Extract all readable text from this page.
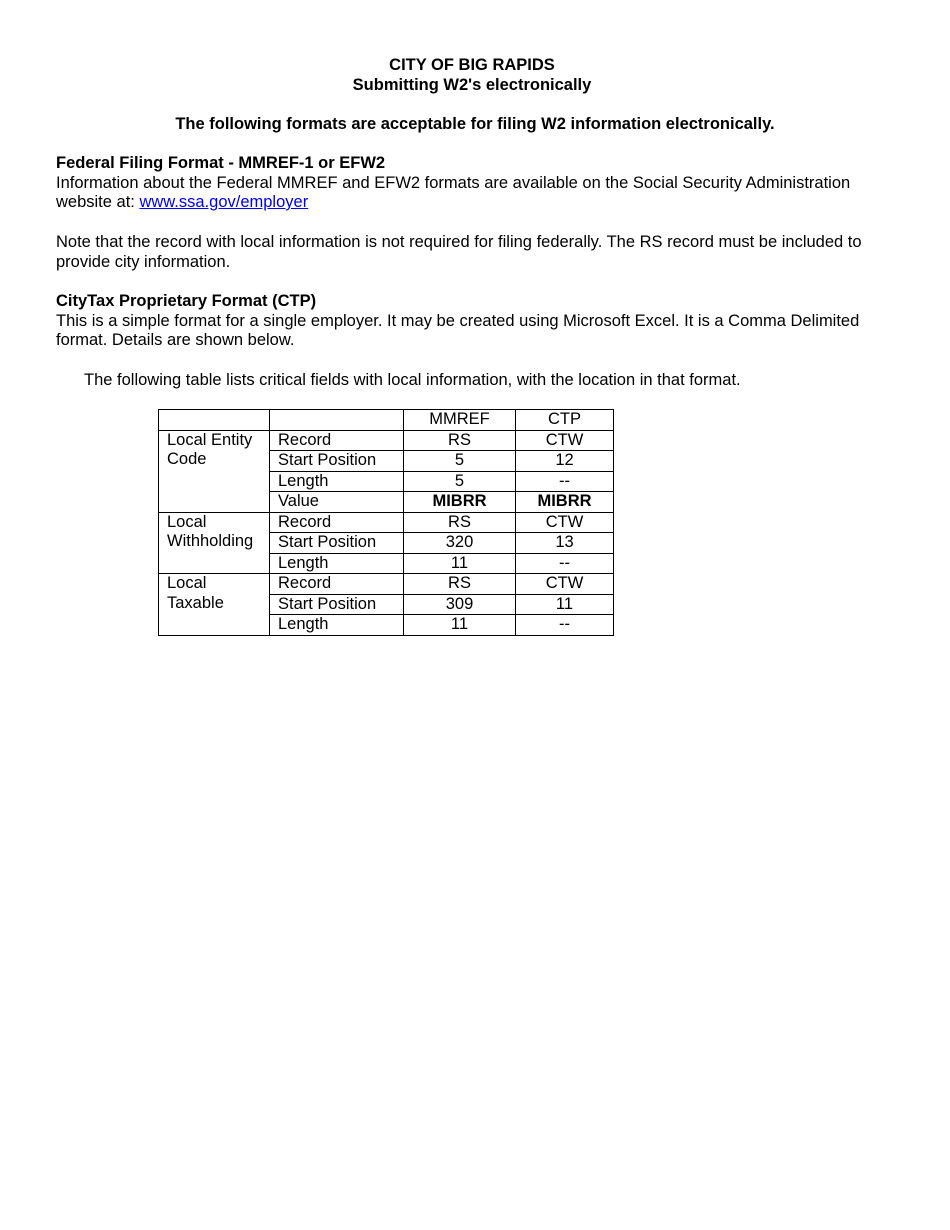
CITY OF BIG RAPIDS
Submitting W2's electronically
The following formats are acceptable for filing W2 information electronically.
Federal Filing Format - MMREF-1 or EFW2
Information about the Federal MMREF and EFW2 formats are available on the Social Security Administration website at: www.ssa.gov/employer
Note that the record with local information is not required for filing federally. The RS record must be included to provide city information.
CityTax Proprietary Format (CTP)
This is a simple format for a single employer. It may be created using Microsoft Excel. It is a Comma Delimited format. Details are shown below.
The following table lists critical fields with local information, with the location in that format.
		MMREF	CTP
Local Entity Code	Record	RS	CTW
	Start Position	5	12
	Length	5	--
	Value	MIBRR	MIBRR
Local Withholding	Record	RS	CTW
	Start Position	320	13
	Length	11	--
Local Taxable	Record	RS	CTW
	Start Position	309	11
	Length	11	--
